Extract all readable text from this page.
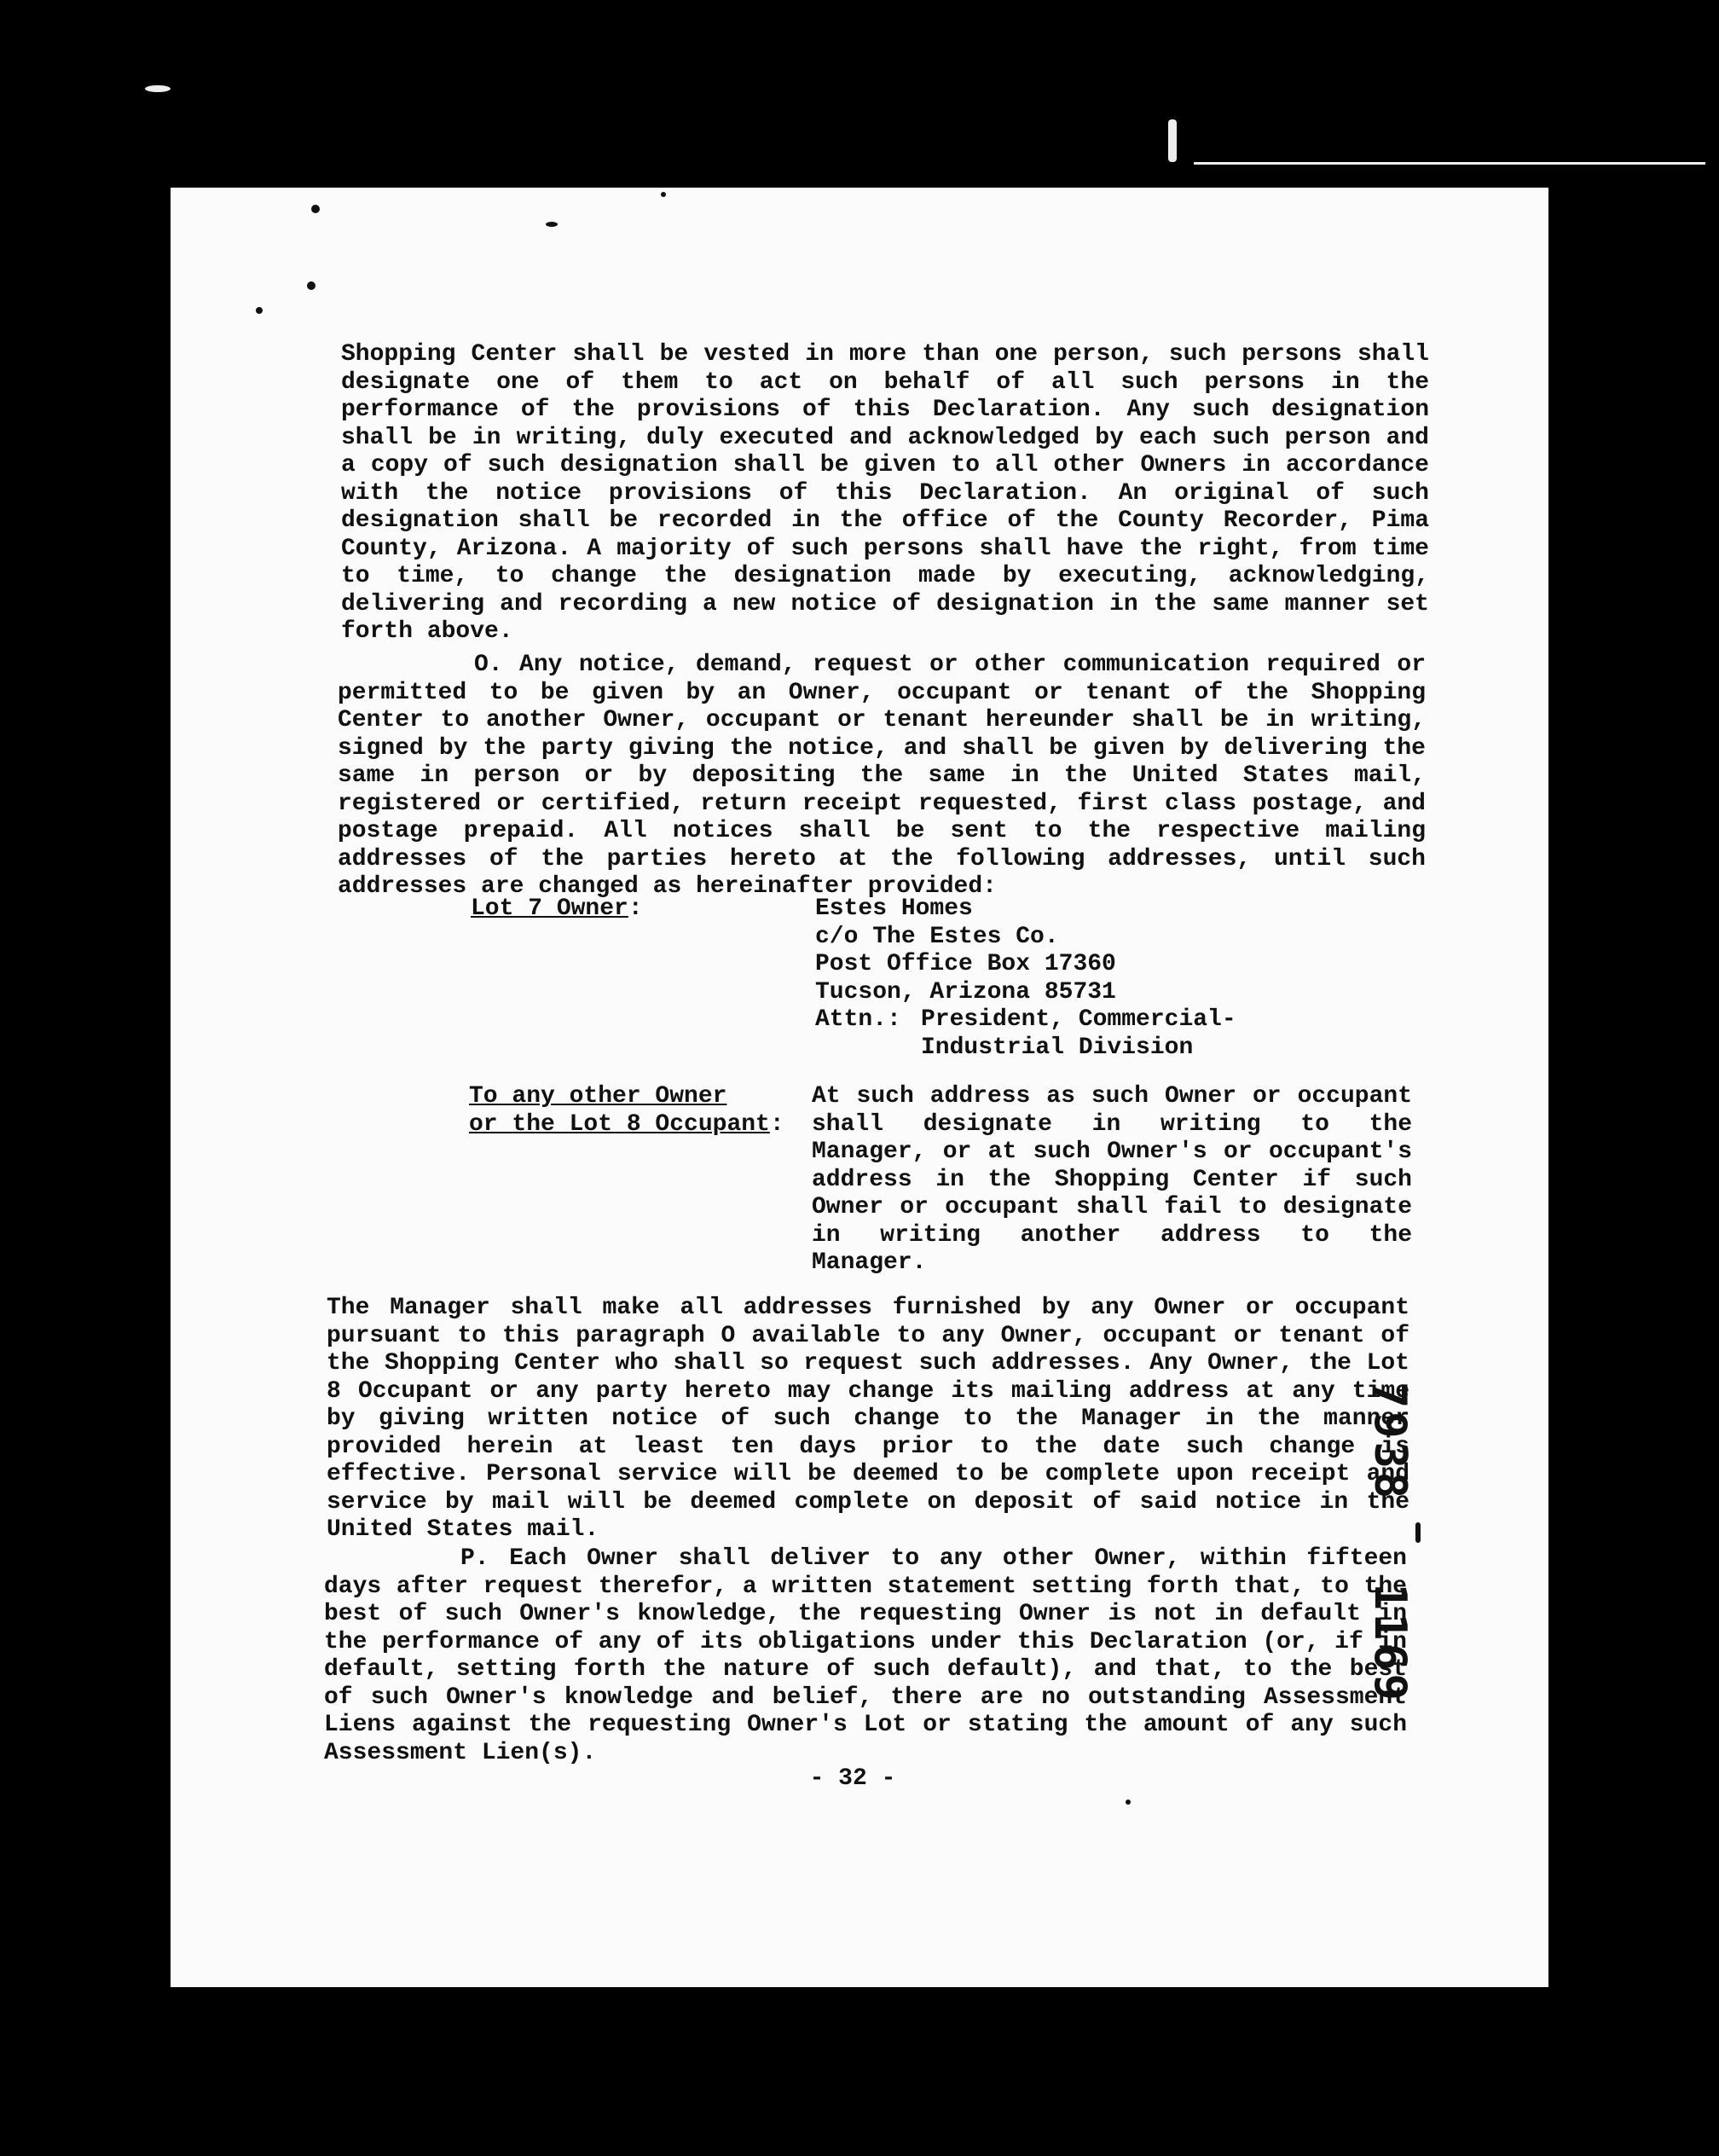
Shopping Center shall be vested in more than one person, such persons shall designate one of them to act on behalf of all such persons in the performance of the provisions of this Declaration. Any such designation shall be in writing, duly executed and acknowledged by each such person and a copy of such designation shall be given to all other Owners in accordance with the notice provisions of this Declaration. An original of such designation shall be recorded in the office of the County Recorder, Pima County, Arizona. A majority of such persons shall have the right, from time to time, to change the designation made by executing, acknowledging, delivering and recording a new notice of designation in the same manner set forth above.

O. Any notice, demand, request or other communication required or permitted to be given by an Owner, occupant or tenant of the Shopping Center to another Owner, occupant or tenant hereunder shall be in writing, signed by the party giving the notice, and shall be given by delivering the same in person or by depositing the same in the United States mail, registered or certified, return receipt requested, first class postage, and postage prepaid. All notices shall be sent to the respective mailing addresses of the parties hereto at the following addresses, until such addresses are changed as hereinafter provided:

Lot 7 Owner:	Estes Homes
c/o The Estes Co.
Post Office Box 17360
Tucson, Arizona 85731
Attn.: President, Commercial-Industrial Division
To any other Owner
or the Lot 8 Occupant:
At such address as such Owner or occupant shall designate in writing to the Manager, or at such Owner's or occupant's address in the Shopping Center if such Owner or occupant shall fail to designate in writing another address to the Manager.

The Manager shall make all addresses furnished by any Owner or occupant pursuant to this paragraph O available to any Owner, occupant or tenant of the Shopping Center who shall so request such addresses. Any Owner, the Lot 8 Occupant or any party hereto may change its mailing address at any time by giving written notice of such change to the Manager in the manner provided herein at least ten days prior to the date such change is effective. Personal service will be deemed to be complete upon receipt and service by mail will be deemed complete on deposit of said notice in the United States mail.

P. Each Owner shall deliver to any other Owner, within fifteen days after request therefor, a written statement setting forth that, to the best of such Owner's knowledge, the requesting Owner is not in default in the performance of any of its obligations under this Declaration (or, if in default, setting forth the nature of such default), and that, to the best of such Owner's knowledge and belief, there are no outstanding Assessment Liens against the requesting Owner's Lot or stating the amount of any such Assessment Lien(s).

- 32 -
7938 1169
